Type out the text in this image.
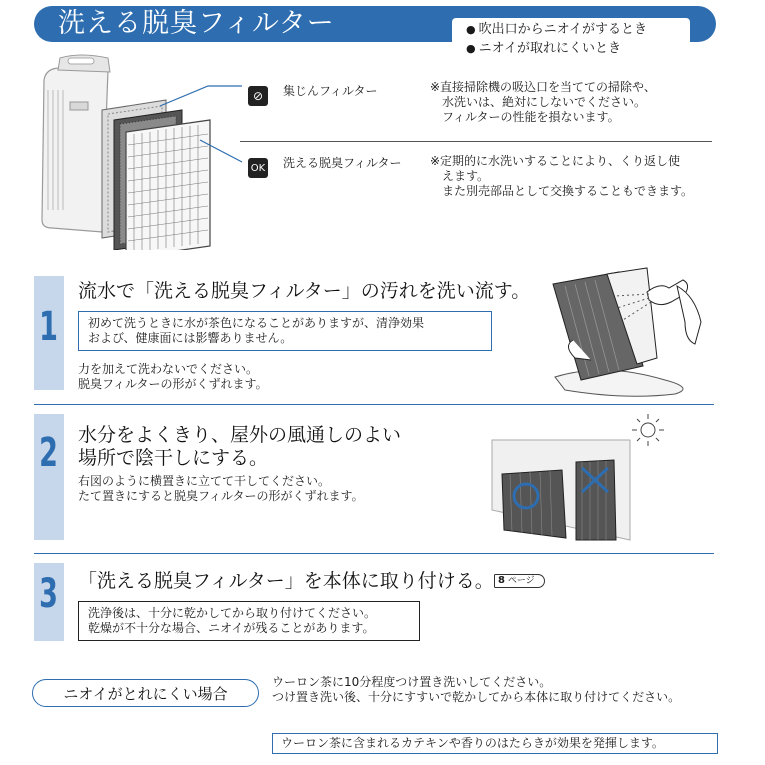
洗える脱臭フィルター
●	吹出口からニオイがするとき
● ニオイが取れにくいとき
⊘	集じんフィルター	※直接掃除機の吸込口を当てての掃除や、
水洗いは、絶対にしないでください。
フィルターの性能を損ないます。
OK 洗える脱臭フィルター ※定期的に水洗いすることにより、くり返し使
えます。
また別売部品として交換することもできます。
1
流水で「洗える脱臭フィルター」の汚れを洗い流す。
初めて洗うときに水が茶色になることがありますが、清浄効果
および、健康面には影響ありません。
力を加えて洗わないでください。
脱臭フィルターの形がくずれます。
2 水分をよくきり、屋外の風通しのよい
場所で陰干しにする。
右図のように横置きに立てて干してください。
たて置きにすると脱臭フィルターの形がくずれます。
3 「洗える脱臭フィルター」を本体に取り付ける。 8 ページ
洗浄後は、十分に乾かしてから取り付けてください。
乾燥が不十分な場合、ニオイが残ることがあります。
ニオイがとれにくい場合
ウーロン茶に10分程度つけ置き洗いしてください。
つけ置き洗い後、十分にすすいで乾かしてから本体に取り付けてください。
ウーロン茶に含まれるカテキンや香りのはたらきが効果を発揮します。
